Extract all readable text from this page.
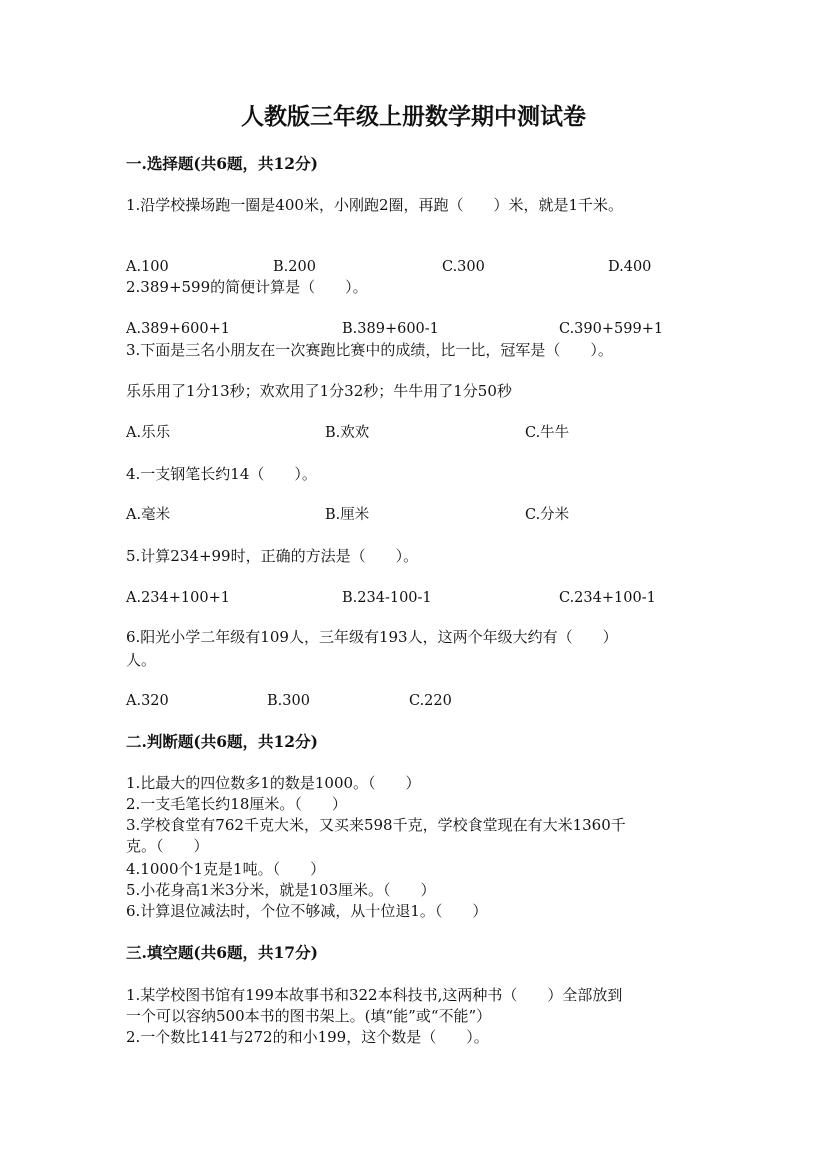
人教版三年级上册数学期中测试卷
一.选择题(共6题，共12分)
1.沿学校操场跑一圈是400米，小刚跑2圈，再跑（　　）米，就是1千米。
A.100	B.200	C.300	D.400
2.389+599的简便计算是（　　）。
A.389+600+1	B.389+600-1	C.390+599+1
3.下面是三名小朋友在一次赛跑比赛中的成绩，比一比，冠军是（　　）。
乐乐用了1分13秒；欢欢用了1分32秒；牛牛用了1分50秒
A.乐乐	B.欢欢	C.牛牛
4.一支钢笔长约14（　　）。
A.毫米	B.厘米	C.分米
5.计算234+99时，正确的方法是（　　）。
A.234+100+1	B.234-100-1	C.234+100-1
6.阳光小学二年级有109人，三年级有193人，这两个年级大约有（　　）
人。
A.320	B.300	C.220
二.判断题(共6题，共12分)
1.比最大的四位数多1的数是1000。（　　）
2.一支毛笔长约18厘米。（　　）
3.学校食堂有762千克大米，又买来598千克，学校食堂现在有大米1360千
克。（　　）
4.1000个1克是1吨。（　　）
5.小花身高1米3分米，就是103厘米。（　　）
6.计算退位减法时，个位不够减，从十位退1。（　　）
三.填空题(共6题，共17分)
1.某学校图书馆有199本故事书和322本科技书,这两种书（　　）全部放到
一个可以容纳500本书的图书架上。(填“能”或“不能”）
2.一个数比141与272的和小199，这个数是（　　）。
